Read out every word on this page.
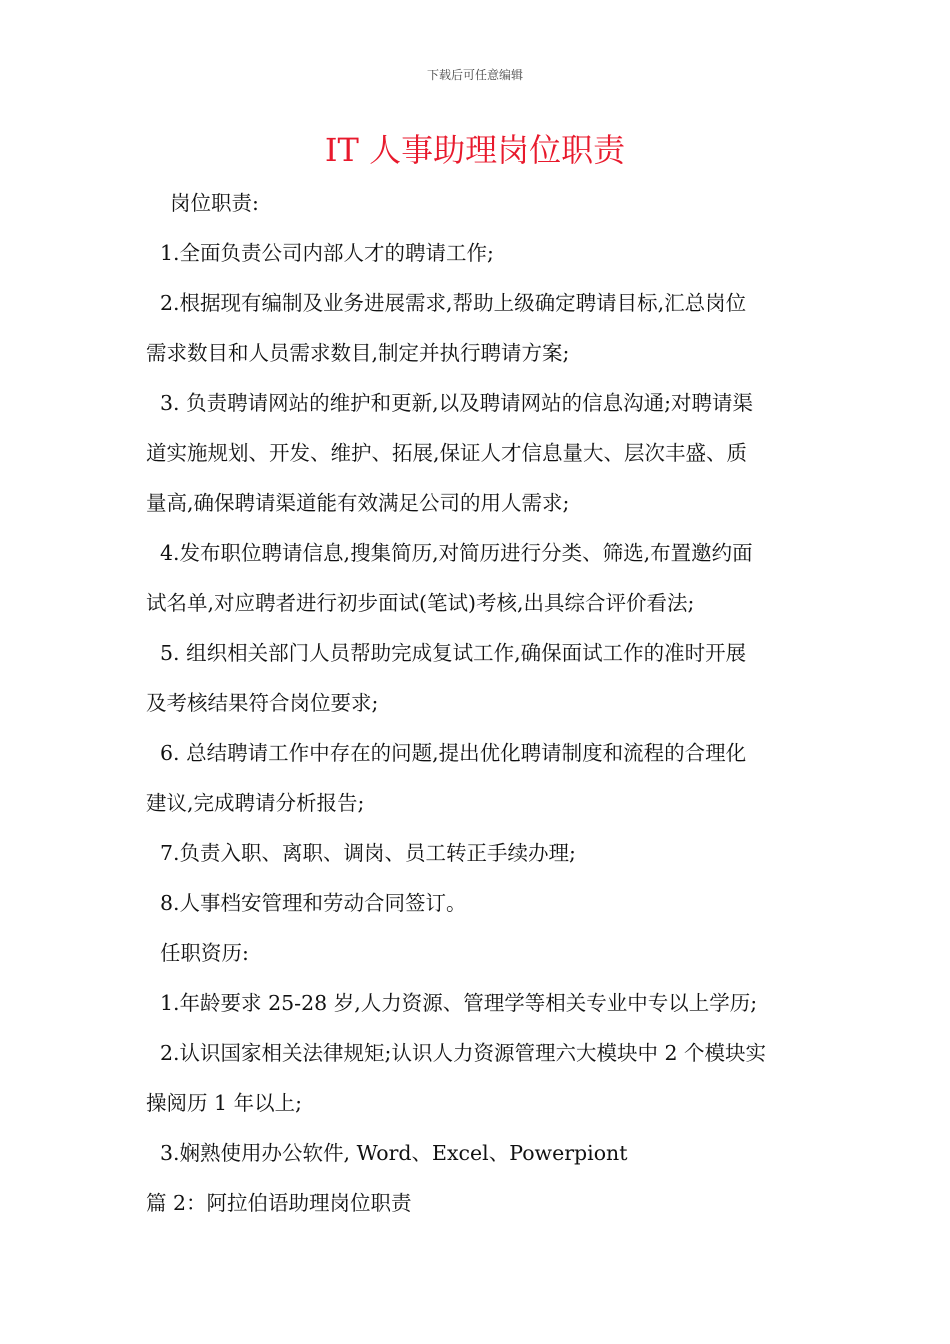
下载后可任意编辑
IT 人事助理岗位职责
岗位职责:
1.全面负责公司内部人才的聘请工作;
2.根据现有编制及业务进展需求,帮助上级确定聘请目标,汇总岗位
需求数目和人员需求数目,制定并执行聘请方案;
3. 负责聘请网站的维护和更新,以及聘请网站的信息沟通;对聘请渠
道实施规划、开发、维护、拓展,保证人才信息量大、层次丰盛、质
量高,确保聘请渠道能有效满足公司的用人需求;
4.发布职位聘请信息,搜集简历,对简历进行分类、筛选,布置邀约面
试名单,对应聘者进行初步面试(笔试)考核,出具综合评价看法;
5. 组织相关部门人员帮助完成复试工作,确保面试工作的准时开展
及考核结果符合岗位要求;
6. 总结聘请工作中存在的问题,提出优化聘请制度和流程的合理化
建议,完成聘请分析报告;
7.负责入职、离职、调岗、员工转正手续办理;
8.人事档安管理和劳动合同签订。
任职资历:
1.年龄要求 25-28 岁,人力资源、管理学等相关专业中专以上学历;
2.认识国家相关法律规矩;认识人力资源管理六大模块中 2 个模块实
操阅历 1 年以上;
3.娴熟使用办公软件, Word、Excel、Powerpiont
篇 2：阿拉伯语助理岗位职责
